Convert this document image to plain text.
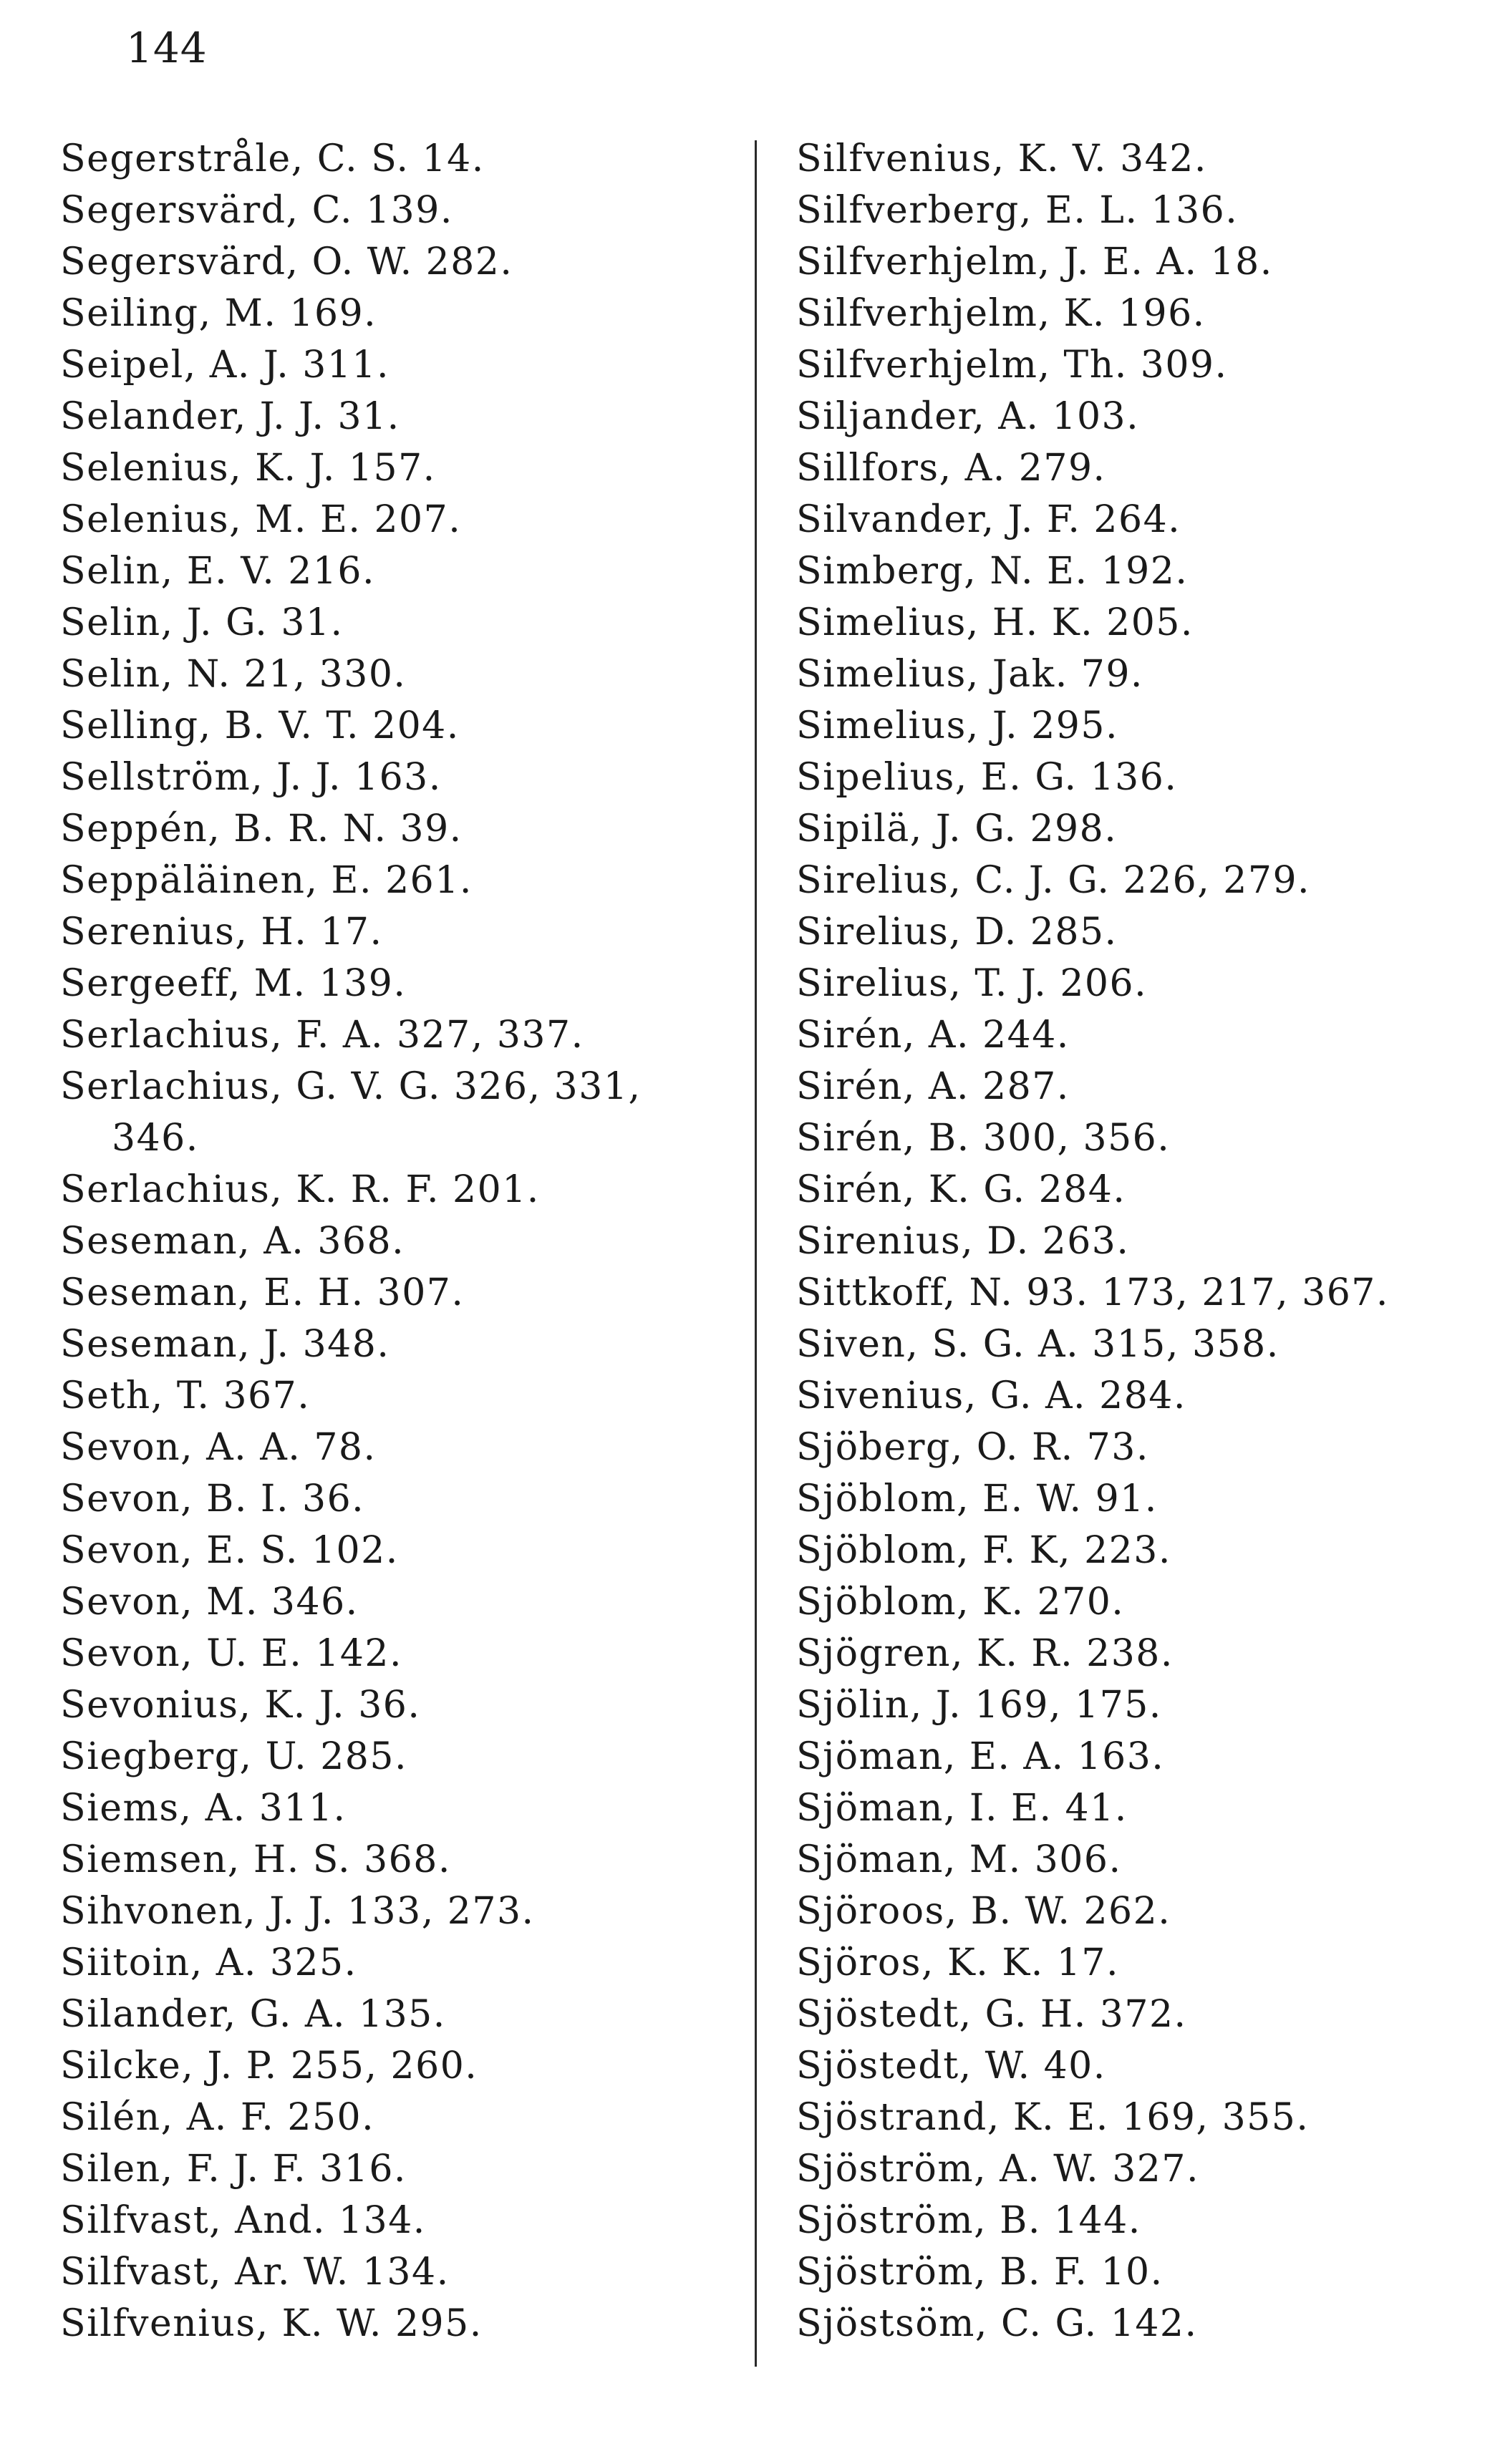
144
Segerstråle, C. S. 14.
Segersvärd, C. 139.
Segersvärd, O. W. 282.
Seiling, M. 169.
Seipel, A. J. 311.
Selander, J. J. 31.
Selenius, K. J. 157.
Selenius, M. E. 207.
Selin, E. V. 216.
Selin, J. G. 31.
Selin, N. 21, 330.
Selling, B. V. T. 204.
Sellström, J. J. 163.
Seppén, B. R. N. 39.
Seppäläinen, E. 261.
Serenius, H. 17.
Sergeeff, M. 139.
Serlachius, F. A. 327, 337.
Serlachius, G. V. G. 326, 331,
346.
Serlachius, K. R. F. 201.
Seseman, A. 368.
Seseman, E. H. 307.
Seseman, J. 348.
Seth, T. 367.
Sevon, A. A. 78.
Sevon, B. I. 36.
Sevon, E. S. 102.
Sevon, M. 346.
Sevon, U. E. 142.
Sevonius, K. J. 36.
Siegberg, U. 285.
Siems, A. 311.
Siemsen, H. S. 368.
Sihvonen, J. J. 133, 273.
Siitoin, A. 325.
Silander, G. A. 135.
Silcke, J. P. 255, 260.
Silén, A. F. 250.
Silen, F. J. F. 316.
Silfvast, And. 134.
Silfvast, Ar. W. 134.
Silfvenius, K. W. 295.
Silfvenius, K. V. 342.
Silfverberg, E. L. 136.
Silfverhjelm, J. E. A. 18.
Silfverhjelm, K. 196.
Silfverhjelm, Th. 309.
Siljander, A. 103.
Sillfors, A. 279.
Silvander, J. F. 264.
Simberg, N. E. 192.
Simelius, H. K. 205.
Simelius, Jak. 79.
Simelius, J. 295.
Sipelius, E. G. 136.
Sipilä, J. G. 298.
Sirelius, C. J. G. 226, 279.
Sirelius, D. 285.
Sirelius, T. J. 206.
Sirén, A. 244.
Sirén, A. 287.
Sirén, B. 300, 356.
Sirén, K. G. 284.
Sirenius, D. 263.
Sittkoff, N. 93. 173, 217, 367.
Siven, S. G. A. 315, 358.
Sivenius, G. A. 284.
Sjöberg, O. R. 73.
Sjöblom, E. W. 91.
Sjöblom, F. K, 223.
Sjöblom, K. 270.
Sjögren, K. R. 238.
Sjölin, J. 169, 175.
Sjöman, E. A. 163.
Sjöman, I. E. 41.
Sjöman, M. 306.
Sjöroos, B. W. 262.
Sjöros, K. K. 17.
Sjöstedt, G. H. 372.
Sjöstedt, W. 40.
Sjöstrand, K. E. 169, 355.
Sjöström, A. W. 327.
Sjöström, B. 144.
Sjöström, B. F. 10.
Sjöstsöm, C. G. 142.
